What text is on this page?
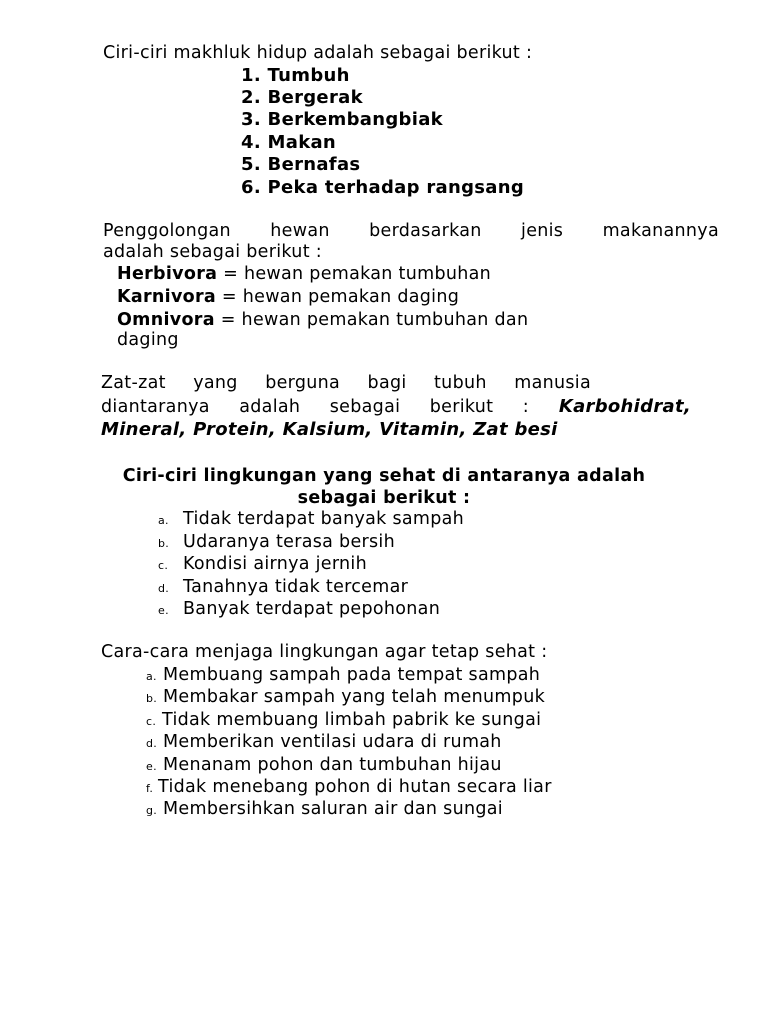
Ciri-ciri makhluk hidup adalah sebagai berikut :
1. Tumbuh
2. Bergerak
3. Berkembangbiak
4. Makan
5. Bernafas
6. Peka terhadap rangsang
Penggolongan hewan berdasarkan jenis makanannya
adalah sebagai berikut :
Herbivora = hewan pemakan tumbuhan
Karnivora = hewan pemakan daging
Omnivora = hewan pemakan tumbuhan dan
daging
Zat-zat yang berguna bagi tubuh manusia
diantaranya adalah sebagai berikut : Karbohidrat,
Mineral, Protein, Kalsium, Vitamin, Zat besi
Ciri-ciri lingkungan yang sehat di antaranya adalah
sebagai berikut :
a. Tidak terdapat banyak sampah
b. Udaranya terasa bersih
c. Kondisi airnya jernih
d. Tanahnya tidak tercemar
e. Banyak terdapat pepohonan
Cara-cara menjaga lingkungan agar tetap sehat :
a. Membuang sampah pada tempat sampah
b. Membakar sampah yang telah menumpuk
c. Tidak membuang limbah pabrik ke sungai
d. Memberikan ventilasi udara di rumah
e. Menanam pohon dan tumbuhan hijau
f. Tidak menebang pohon di hutan secara liar
g. Membersihkan saluran air dan sungai
